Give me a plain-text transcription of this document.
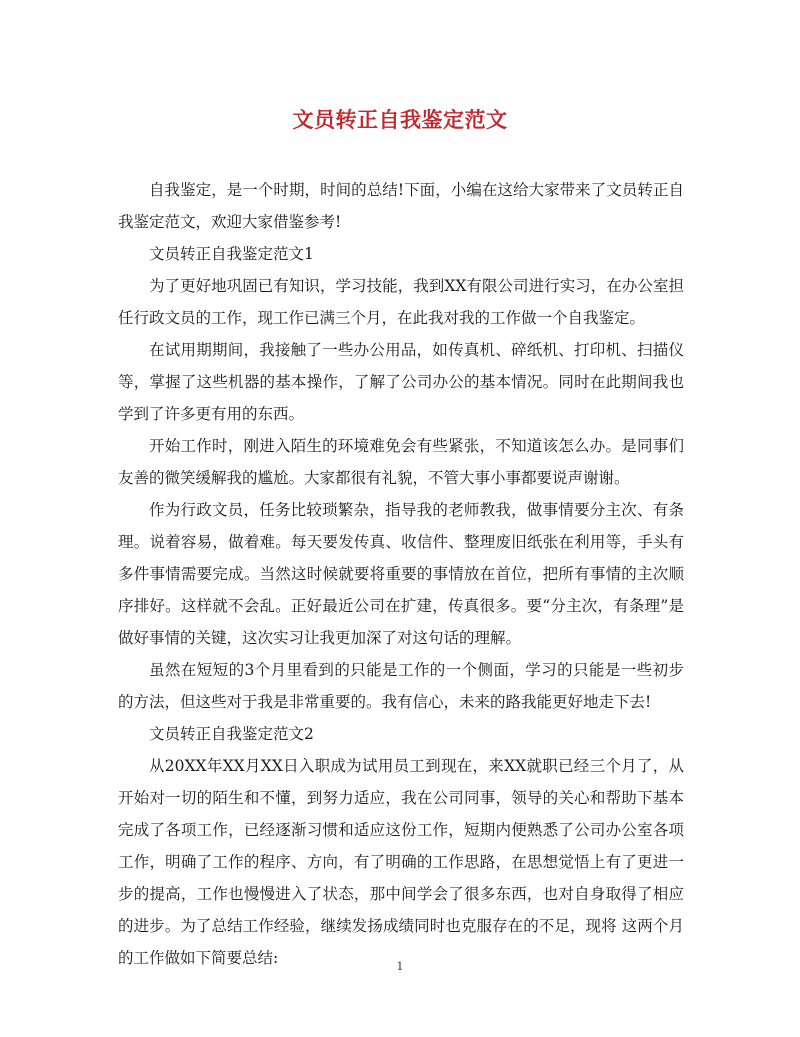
文员转正自我鉴定范文

自我鉴定，是一个时期，时间的总结!下面，小编在这给大家带来了文员转正自我鉴定范文，欢迎大家借鉴参考!

文员转正自我鉴定范文1

为了更好地巩固已有知识，学习技能，我到XX有限公司进行实习，在办公室担任行政文员的工作，现工作已满三个月，在此我对我的工作做一个自我鉴定。

在试用期期间，我接触了一些办公用品，如传真机、碎纸机、打印机、扫描仪等，掌握了这些机器的基本操作，了解了公司办公的基本情况。同时在此期间我也学到了许多更有用的东西。

开始工作时，刚进入陌生的环境难免会有些紧张，不知道该怎么办。是同事们友善的微笑缓解我的尴尬。大家都很有礼貌，不管大事小事都要说声谢谢。

作为行政文员，任务比较琐繁杂，指导我的老师教我，做事情要分主次、有条理。说着容易，做着难。每天要发传真、收信件、整理废旧纸张在利用等，手头有多件事情需要完成。当然这时候就要将重要的事情放在首位，把所有事情的主次顺序排好。这样就不会乱。正好最近公司在扩建，传真很多。要“分主次，有条理”是做好事情的关键，这次实习让我更加深了对这句话的理解。

虽然在短短的3个月里看到的只能是工作的一个侧面，学习的只能是一些初步的方法，但这些对于我是非常重要的。我有信心，未来的路我能更好地走下去!

文员转正自我鉴定范文2

从20XX年XX月XX日入职成为试用员工到现在，来XX就职已经三个月了，从开始对一切的陌生和不懂，到努力适应，我在公司同事，领导的关心和帮助下基本完成了各项工作，已经逐渐习惯和适应这份工作，短期内便熟悉了公司办公室各项工作，明确了工作的程序、方向，有了明确的工作思路，在思想觉悟上有了更进一步的提高，工作也慢慢进入了状态，那中间学会了很多东西，也对自身取得了相应的进步。为了总结工作经验，继续发扬成绩同时也克服存在的不足，现将 这两个月的工作做如下简要总结:	1
